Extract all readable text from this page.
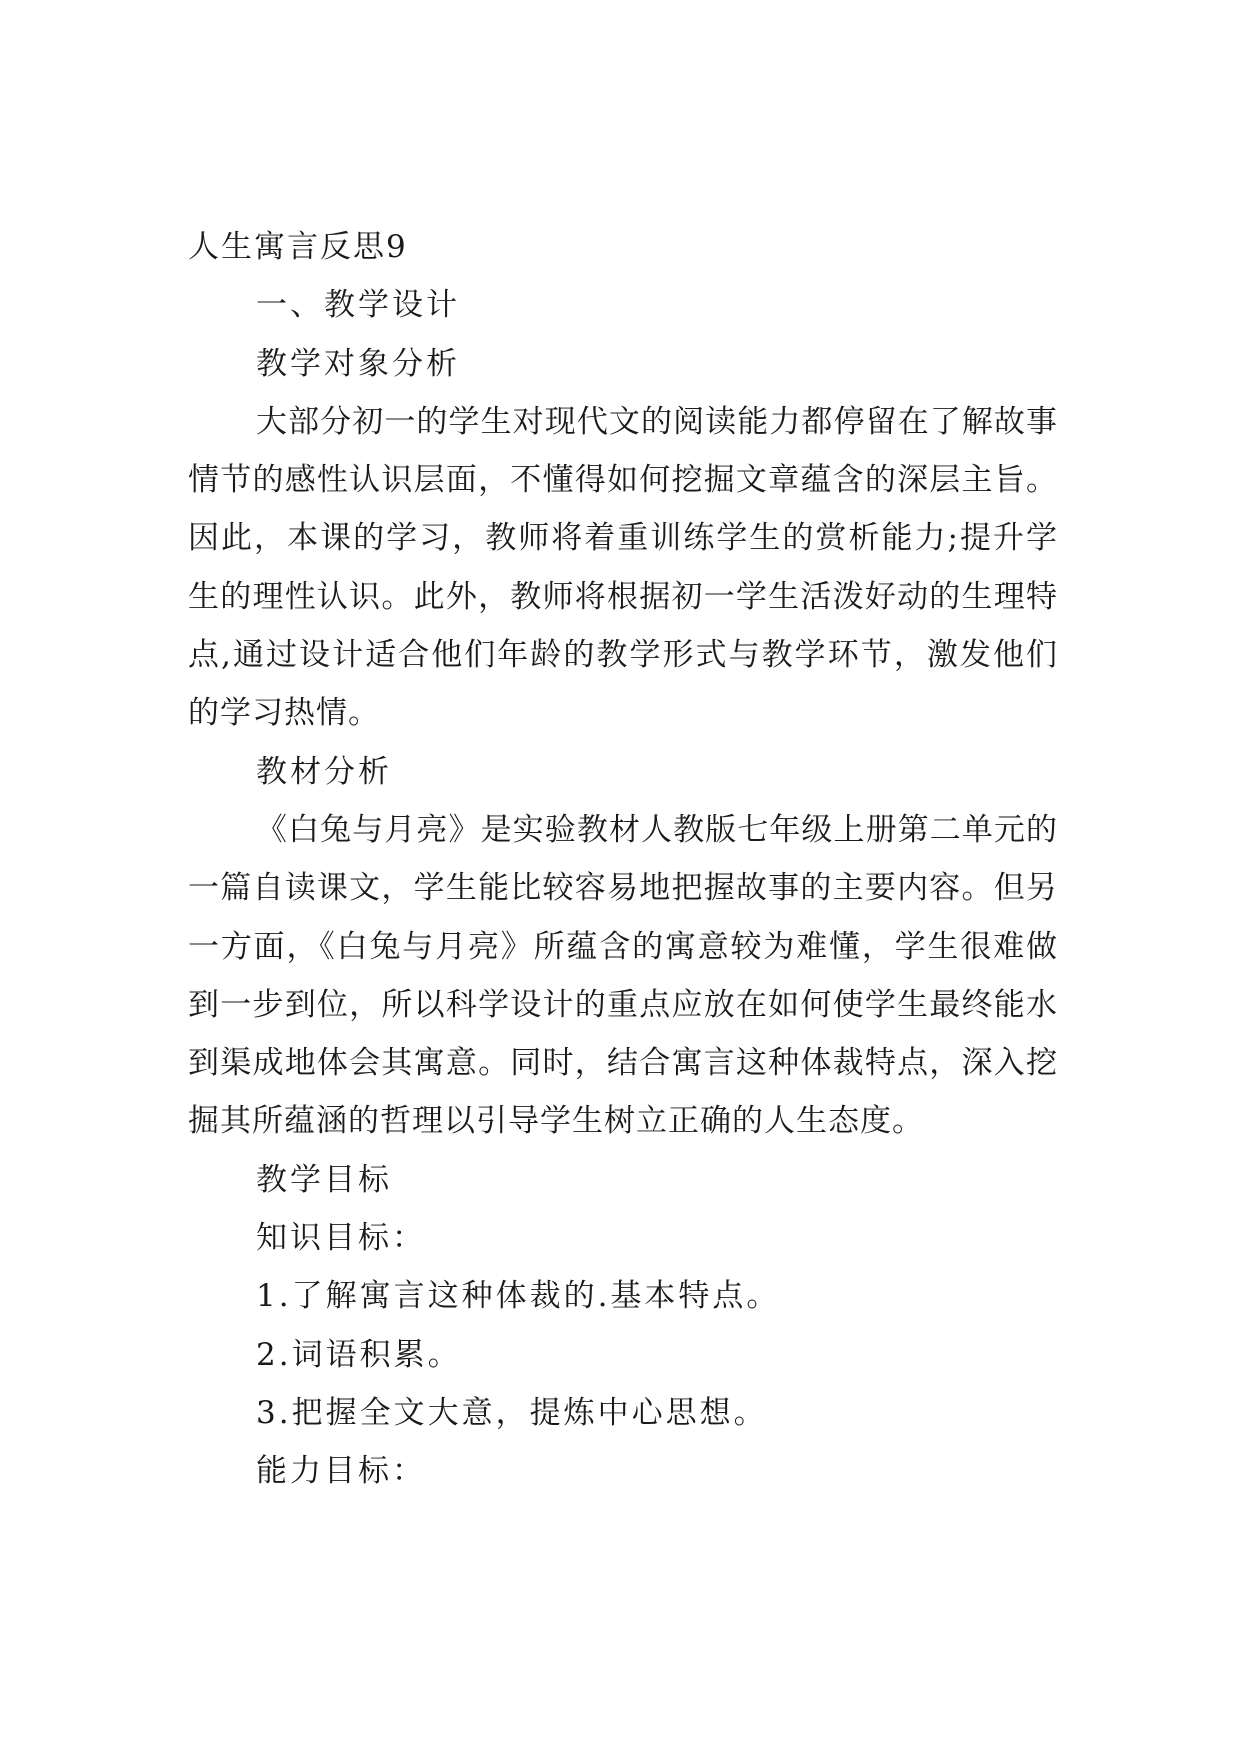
人生寓言反思9
一、教学设计
教学对象分析

大部分初一的学生对现代文的阅读能力都停留在了解故事情节的感性认识层面，不懂得如何挖掘文章蕴含的深层主旨。因此，本课的学习，教师将着重训练学生的赏析能力;提升学生的理性认识。此外，教师将根据初一学生活泼好动的生理特点,通过设计适合他们年龄的教学形式与教学环节，激发他们的学习热情。

教材分析

《白兔与月亮》是实验教材人教版七年级上册第二单元的一篇自读课文，学生能比较容易地把握故事的主要内容。但另一方面，《白兔与月亮》所蕴含的寓意较为难懂，学生很难做到一步到位，所以科学设计的重点应放在如何使学生最终能水到渠成地体会其寓意。同时，结合寓言这种体裁特点，深入挖掘其所蕴涵的哲理以引导学生树立正确的人生态度。

教学目标
知识目标：
1.了解寓言这种体裁的.基本特点。
2.词语积累。
3.把握全文大意，提炼中心思想。
能力目标：
